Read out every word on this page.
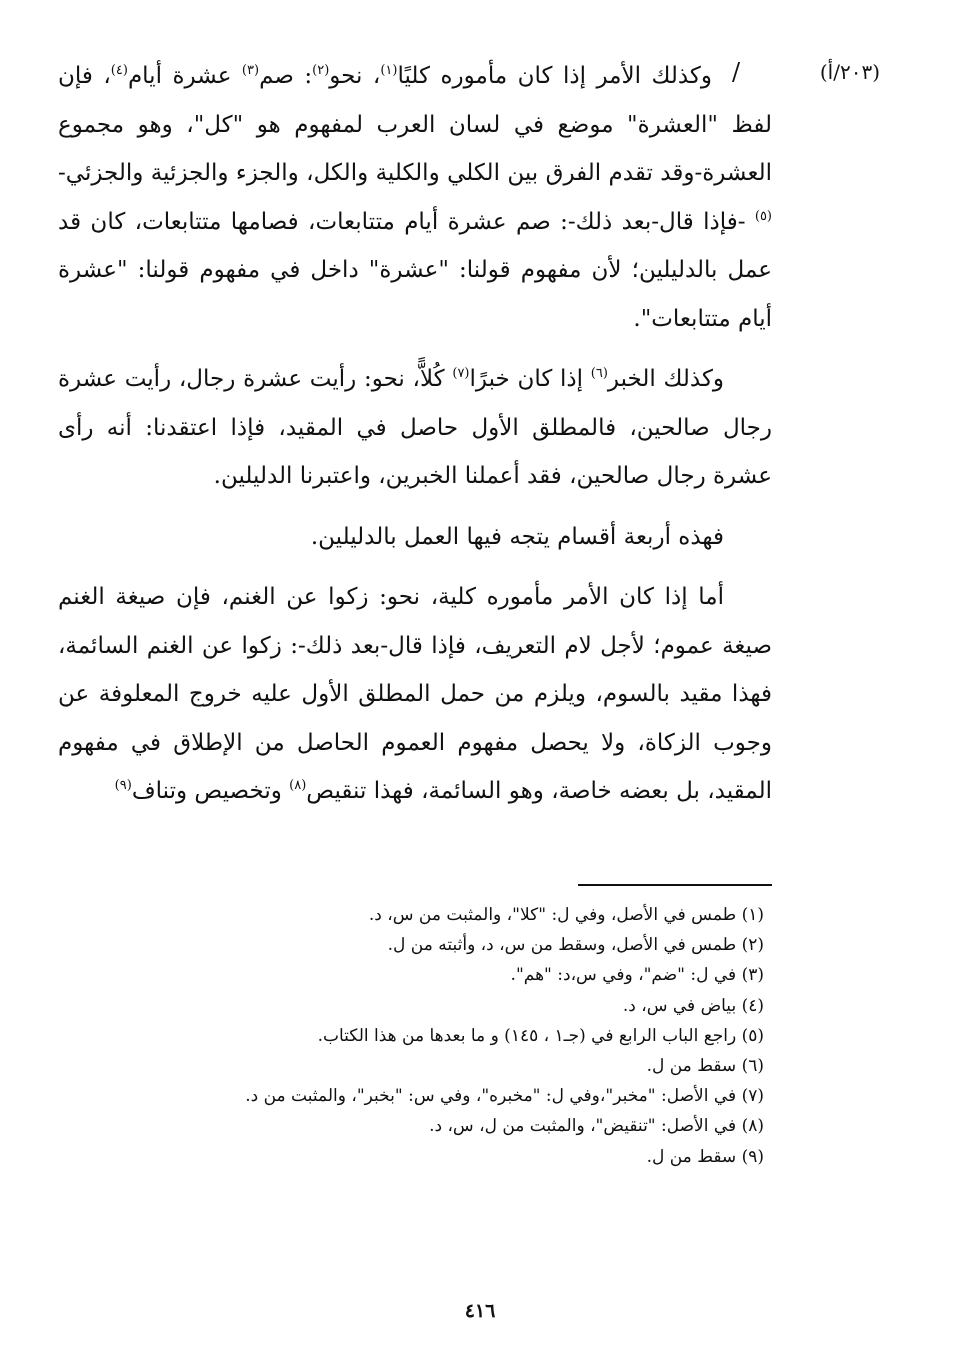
(٢٠٣/أ)
/

وكذلك الأمر إذا كان مأموره كليًا$^{(١)}$، نحو$^{(٢)}$: صم$^{(٣)}$ عشرة أيام$^{(٤)}$، فإن لفظ "العشرة" موضع في لسان العرب لمفهوم هو "كل"، وهو مجموع العشرة-وقد تقدم الفرق بين الكلي والكلية والكل، والجزء والجزئية والجزئي-$^{(٥)}$ -فإذا قال-بعد ذلك-: صم عشرة أيام متتابعات، فصامها متتابعات، كان قد عمل بالدليلين؛ لأن مفهوم قولنا: "عشرة" داخل في مفهوم قولنا: "عشرة أيام متتابعات".

وكذلك الخبر$^{(٦)}$ إذا كان خبرًا$^{(٧)}$ كُلاًّ، نحو: رأيت عشرة رجال، رأيت عشرة رجال صالحين، فالمطلق الأول حاصل في المقيد، فإذا اعتقدنا: أنه رأى عشرة رجال صالحين، فقد أعملنا الخبرين، واعتبرنا الدليلين.

فهذه أربعة أقسام يتجه فيها العمل بالدليلين.

أما إذا كان الأمر مأموره كلية، نحو: زكوا عن الغنم، فإن صيغة الغنم صيغة عموم؛ لأجل لام التعريف، فإذا قال-بعد ذلك-: زكوا عن الغنم السائمة، فهذا مقيد بالسوم، ويلزم من حمل المطلق الأول عليه خروج المعلوفة عن وجوب الزكاة، ولا يحصل مفهوم العموم الحاصل من الإطلاق في مفهوم المقيد، بل بعضه خاصة، وهو السائمة، فهذا تنقيص$^{(٨)}$ وتخصيص وتناف$^{(٩)}$

(١) طمس في الأصل، وفي ل: "كلا"، والمثبت من س، د.
(٢) طمس في الأصل، وسقط من س، د، وأثبته من ل.
(٣) في ل: "ضم"، وفي س،د: "هم".
(٤) بياض في س، د.
(٥) راجع الباب الرابع في (جـ١ ، ١٤٥) و ما بعدها من هذا الكتاب.
(٦) سقط من ل.
(٧) في الأصل: "مخبر"،وفي ل: "مخبره"، وفي س: "بخبر"، والمثبت من د.
(٨) في الأصل: "تنقيض"، والمثبت من ل، س، د.
(٩) سقط من ل.
٤١٦
